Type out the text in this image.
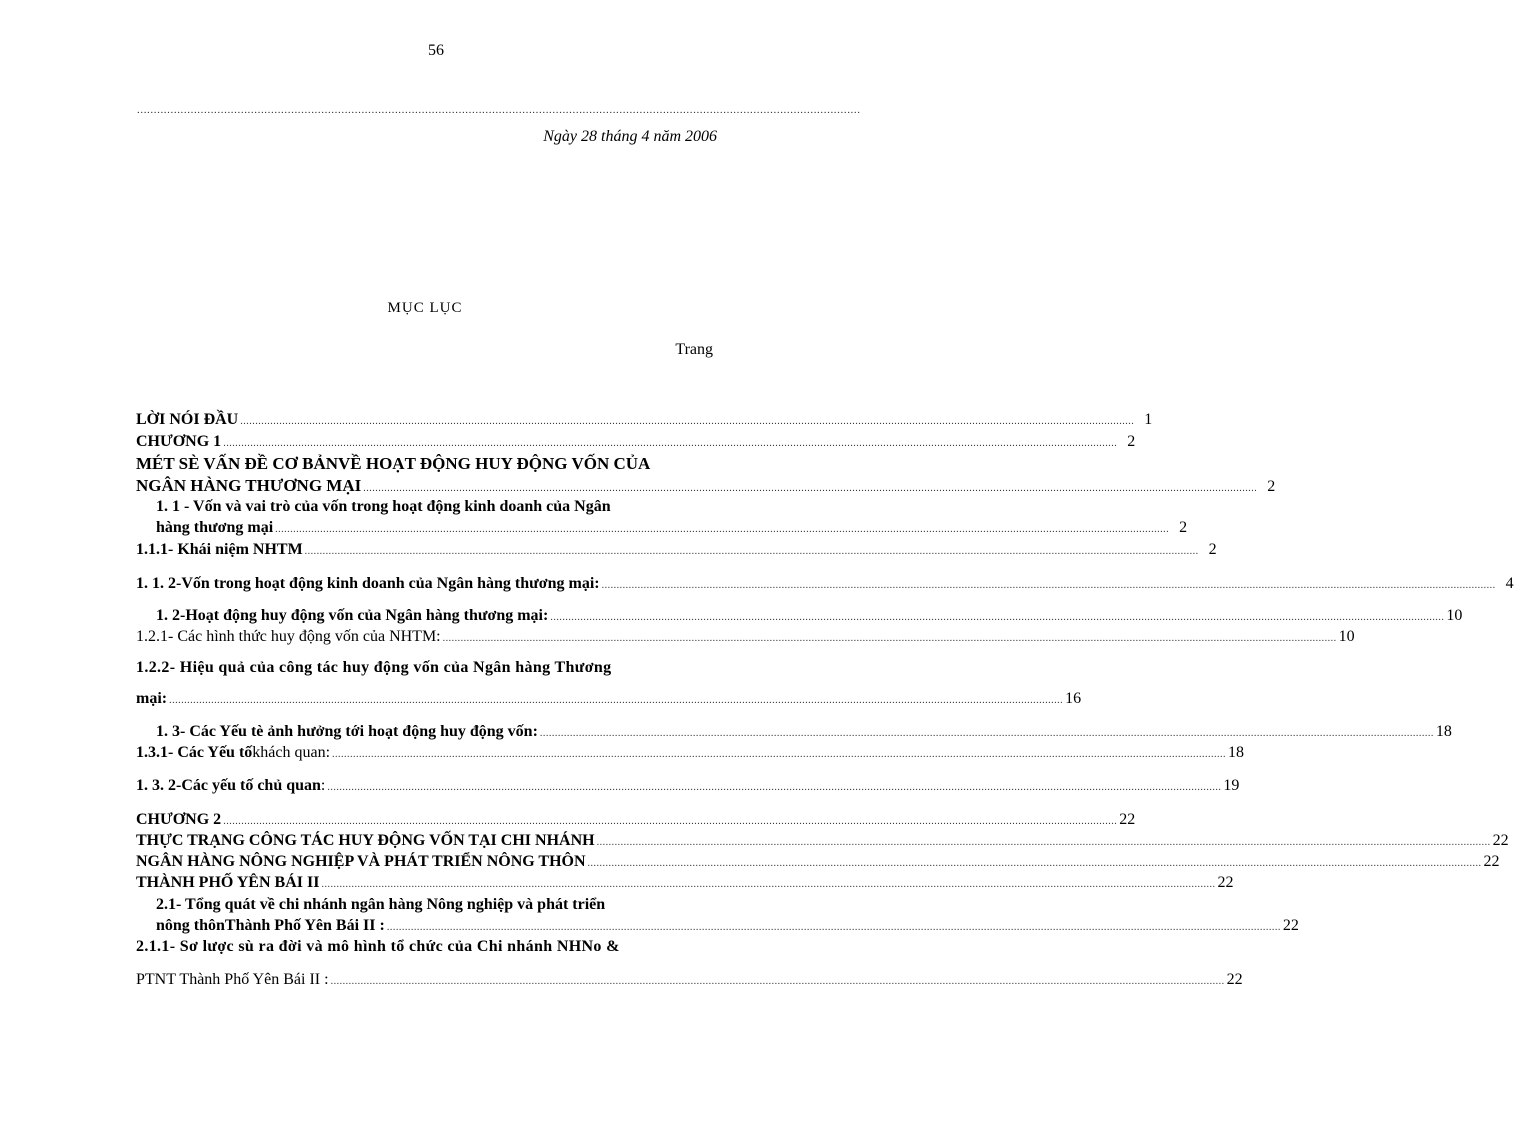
56
........................................................................................................................................................................................................................
Ngày 28 tháng 4 năm 2006
MỤC LỤC
Trang
LỜI NÓI ĐẦU .......................................................................................................................................................................................................................................................................................................... 1
CHƯƠNG 1 .......................................................................................................................................................................................................................................................................................................... 2
MÉT SÈ VẤN ĐỀ CƠ BẢNVỀ HOẠT ĐỘNG HUY ĐỘNG VỐN CỦA
NGÂN HÀNG THƯƠNG MẠI .......................................................................................................................................................................................................................................................................................................... 2
1. 1 - Vốn và vai trò của vốn trong hoạt động kinh doanh của Ngân
hàng thương mại .......................................................................................................................................................................................................................................................................................................... 2
1.1.1- Khái niệm NHTM .......................................................................................................................................................................................................................................................................................................... 2
1. 1. 2-Vốn trong hoạt động kinh doanh của Ngân hàng thương mại: .......................................................................................................................................................................................................................................................................................................... 4
1. 2-Hoạt động huy động vốn của Ngân hàng thương mại: .......................................................................................................................................................................................................................................................................................................... 10
1.2.1- Các hình thức huy động vốn của NHTM: .......................................................................................................................................................................................................................................................................................................... 10
1.2.2- Hiệu quả của công tác huy động vốn của Ngân hàng Thương
mại: .......................................................................................................................................................................................................................................................................................................... 16
1. 3- Các Yếu tè ảnh hưởng tới hoạt động huy động vốn: .......................................................................................................................................................................................................................................................................................................... 18
1.3.1- Các Yếu tố khách quan: .......................................................................................................................................................................................................................................................................................................... 18
1. 3. 2-Các yếu tố chủ quan : .......................................................................................................................................................................................................................................................................................................... 19
CHƯƠNG 2 .......................................................................................................................................................................................................................................................................................................... 22
THỰC TRẠNG CÔNG TÁC HUY ĐỘNG VỐN TẠI CHI NHÁNH .......................................................................................................................................................................................................................................................................................................... 22
NGÂN HÀNG NÔNG NGHIỆP VÀ PHÁT TRIỂN NÔNG THÔN .......................................................................................................................................................................................................................................................................................................... 22
THÀNH PHỐ YÊN BÁI II .......................................................................................................................................................................................................................................................................................................... 22
2.1- Tổng quát về chi nhánh ngân hàng Nông nghiệp và phát triển
nông thônThành Phố Yên Bái II : .......................................................................................................................................................................................................................................................................................................... 22
2.1.1- Sơ lược sù ra đời và mô hình tổ chức của Chi nhánh NHNo &
PTNT Thành Phố Yên Bái II : .......................................................................................................................................................................................................................................................................................................... 22
